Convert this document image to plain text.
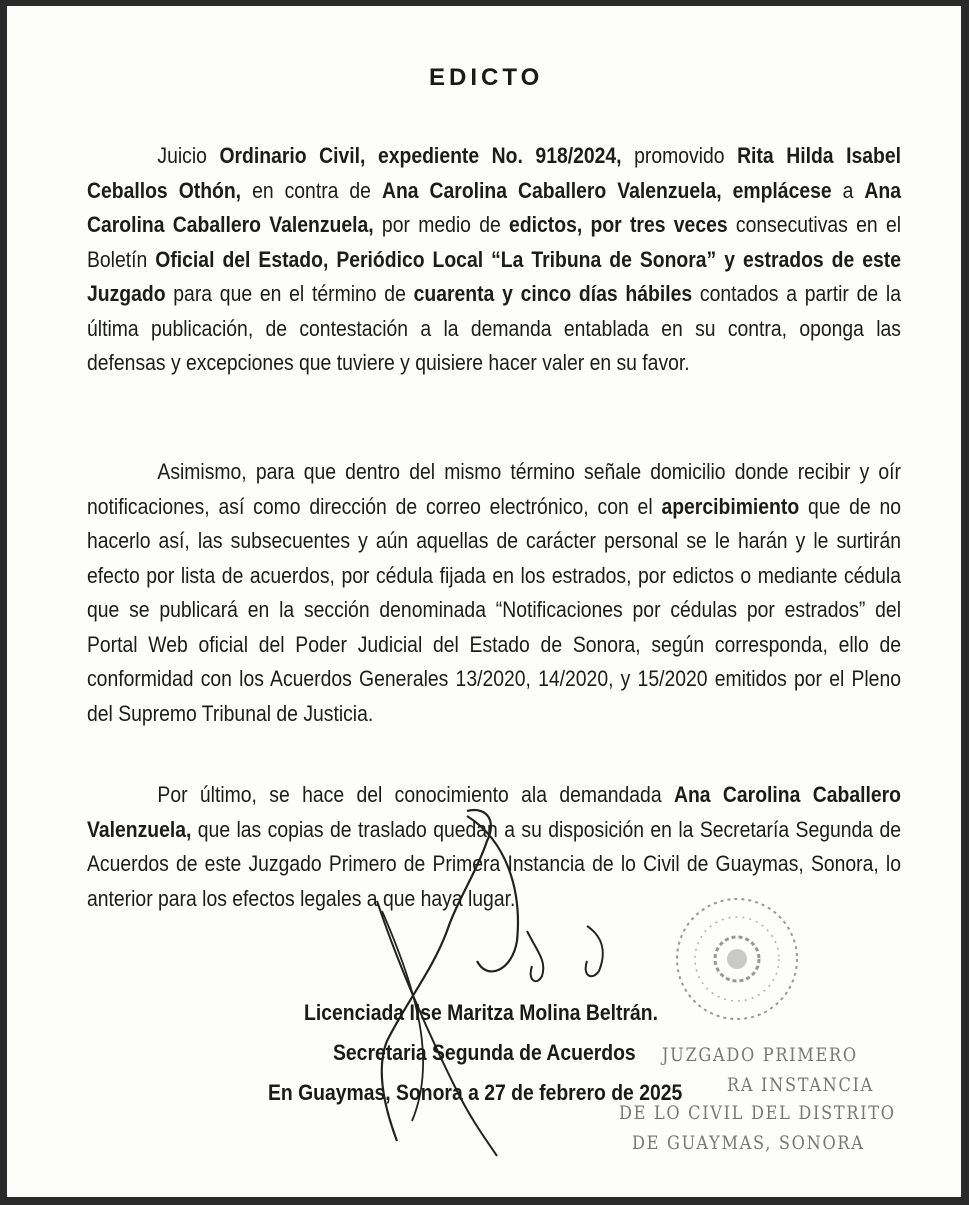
EDICTO

Juicio Ordinario Civil, expediente No. 918/2024, promovido Rita Hilda Isabel Ceballos Othón, en contra de Ana Carolina Caballero Valenzuela, emplácese a Ana Carolina Caballero Valenzuela, por medio de edictos, por tres veces consecutivas en el Boletín Oficial del Estado, Periódico Local “La Tribuna de Sonora” y estrados de este Juzgado para que en el término de cuarenta y cinco días hábiles contados a partir de la última publicación, de contestación a la demanda entablada en su contra, oponga las defensas y excepciones que tuviere y quisiere hacer valer en su favor.

Asimismo, para que dentro del mismo término señale domicilio donde recibir y oír notificaciones, así como dirección de correo electrónico, con el apercibimiento que de no hacerlo así, las subsecuentes y aún aquellas de carácter personal se le harán y le surtirán efecto por lista de acuerdos, por cédula fijada en los estrados, por edictos o mediante cédula que se publicará en la sección denominada “Notificaciones por cédulas por estrados” del Portal Web oficial del Poder Judicial del Estado de Sonora, según corresponda, ello de conformidad con los Acuerdos Generales 13/2020, 14/2020, y 15/2020 emitidos por el Pleno del Supremo Tribunal de Justicia.

Por último, se hace del conocimiento ala demandada Ana Carolina Caballero Valenzuela, que las copias de traslado quedan a su disposición en la Secretaría Segunda de Acuerdos de este Juzgado Primero de Primera Instancia de lo Civil de Guaymas, Sonora, lo anterior para los efectos legales a que haya lugar.

Licenciada Ilse Maritza Molina Beltrán.
Secretaria Segunda de Acuerdos
En Guaymas, Sonora a 27 de febrero de 2025
JUZGADO PRIMERO
RA INSTANCIA
DE LO CIVIL DEL DISTRITO
DE GUAYMAS, SONORA
